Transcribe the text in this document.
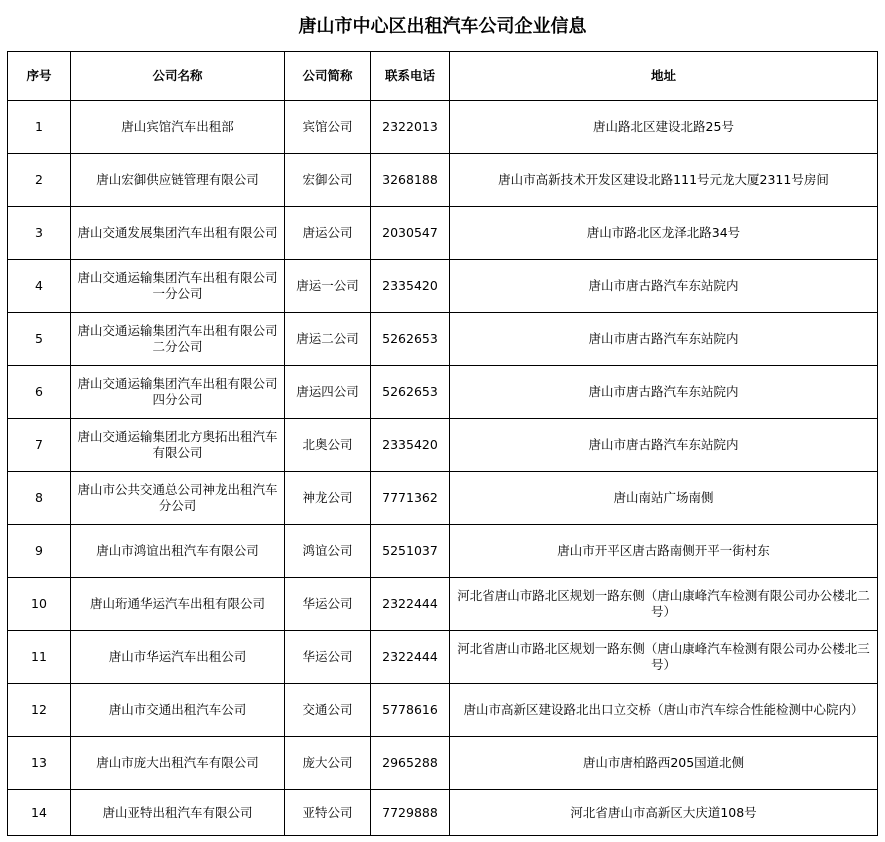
唐山市中心区出租汽车公司企业信息
序号	公司名称	公司简称	联系电话	地址
1	唐山宾馆汽车出租部	宾馆公司	2322013	唐山路北区建设北路25号
2	唐山宏御供应链管理有限公司	宏御公司	3268188	唐山市高新技术开发区建设北路111号元龙大厦2311号房间
3	唐山交通发展集团汽车出租有限公司	唐运公司	2030547	唐山市路北区龙泽北路34号
4	唐山交通运输集团汽车出租有限公司一分公司	唐运一公司	2335420	唐山市唐古路汽车东站院内
5	唐山交通运输集团汽车出租有限公司二分公司	唐运二公司	5262653	唐山市唐古路汽车东站院内
6	唐山交通运输集团汽车出租有限公司四分公司	唐运四公司	5262653	唐山市唐古路汽车东站院内
7	唐山交通运输集团北方奥拓出租汽车有限公司	北奥公司	2335420	唐山市唐古路汽车东站院内
8	唐山市公共交通总公司神龙出租汽车分公司	神龙公司	7771362	唐山南站广场南侧
9	唐山市鸿谊出租汽车有限公司	鸿谊公司	5251037	唐山市开平区唐古路南侧开平一街村东
10	唐山珩通华运汽车出租有限公司	华运公司	2322444	河北省唐山市路北区规划一路东侧（唐山康峰汽车检测有限公司办公楼北二号）
11	唐山市华运汽车出租公司	华运公司	2322444	河北省唐山市路北区规划一路东侧（唐山康峰汽车检测有限公司办公楼北三号）
12	唐山市交通出租汽车公司	交通公司	5778616	唐山市高新区建设路北出口立交桥（唐山市汽车综合性能检测中心院内）
13	唐山市庞大出租汽车有限公司	庞大公司	2965288	唐山市唐柏路西205国道北侧
14	唐山亚特出租汽车有限公司	亚特公司	7729888	河北省唐山市高新区大庆道108号
